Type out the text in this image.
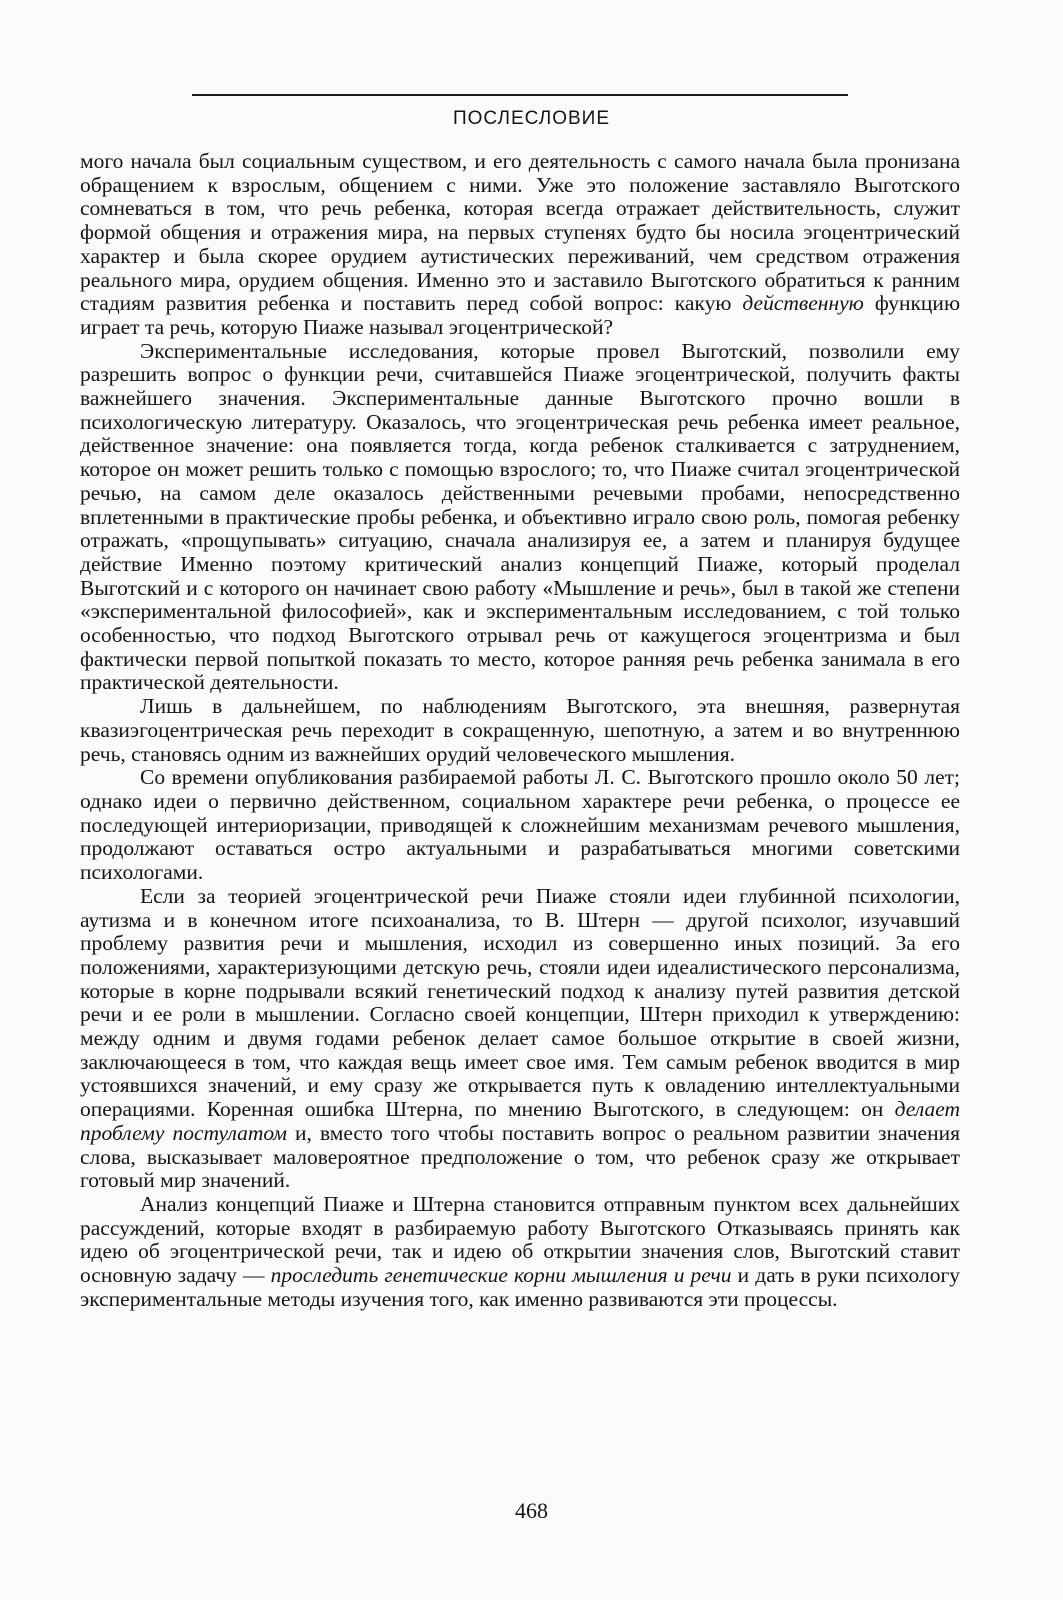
ПОСЛЕСЛОВИЕ

мого начала был социальным существом, и его деятельность с самого начала была пронизана обращением к взрослым, общением с ними. Уже это положение заставляло Выготского сомневаться в том, что речь ребенка, которая всегда отражает действительность, служит формой общения и отражения мира, на первых ступенях будто бы носила эгоцентрический характер и была скорее орудием аутистических переживаний, чем средством отражения реального мира, орудием общения. Именно это и заставило Выготского обратиться к ранним стадиям развития ребенка и поставить перед собой вопрос: какую действенную функцию играет та речь, которую Пиаже называл эгоцентрической?

Экспериментальные исследования, которые провел Выготский, позволили ему разрешить вопрос о функции речи, считавшейся Пиаже эгоцентрической, получить факты важнейшего значения. Экспериментальные данные Выготского прочно вошли в психологическую литературу. Оказалось, что эгоцентрическая речь ребенка имеет реальное, действенное значение: она появляется тогда, когда ребенок сталкивается с затруднением, которое он может решить только с помощью взрослого; то, что Пиаже считал эгоцентрической речью, на самом деле оказалось действенными речевыми пробами, непосредственно вплетенными в практические пробы ребенка, и объективно играло свою роль, помогая ребенку отражать, «прощупывать» ситуацию, сначала анализируя ее, а затем и планируя будущее действие Именно поэтому критический анализ концепций Пиаже, который проделал Выготский и с которого он начинает свою работу «Мышление и речь», был в такой же степени «экспериментальной философией», как и экспериментальным исследованием, с той только особенностью, что подход Выготского отрывал речь от кажущегося эгоцентризма и был фактически первой попыткой показать то место, которое ранняя речь ребенка занимала в его практической деятельности.

Лишь в дальнейшем, по наблюдениям Выготского, эта внешняя, развернутая квазиэгоцентрическая речь переходит в сокращенную, шепотную, а затем и во внутреннюю речь, становясь одним из важнейших орудий человеческого мышления.

Со времени опубликования разбираемой работы Л. С. Выготского прошло около 50 лет; однако идеи о первично действенном, социальном характере речи ребенка, о процессе ее последующей интериоризации, приводящей к сложнейшим механизмам речевого мышления, продолжают оставаться остро актуальными и разрабатываться многими советскими психологами.

Если за теорией эгоцентрической речи Пиаже стояли идеи глубинной психологии, аутизма и в конечном итоге психоанализа, то В. Штерн — другой психолог, изучавший проблему развития речи и мышления, исходил из совершенно иных позиций. За его положениями, характеризующими детскую речь, стояли идеи идеалистического персонализма, которые в корне подрывали всякий генетический подход к анализу путей развития детской речи и ее роли в мышлении. Согласно своей концепции, Штерн приходил к утверждению: между одним и двумя годами ребенок делает самое большое открытие в своей жизни, заключающееся в том, что каждая вещь имеет свое имя. Тем самым ребенок вводится в мир устоявшихся значений, и ему сразу же открывается путь к овладению интеллектуальными операциями. Коренная ошибка Штерна, по мнению Выготского, в следующем: он делает проблему постулатом и, вместо того чтобы поставить вопрос о реальном развитии значения слова, высказывает маловероятное предположение о том, что ребенок сразу же открывает готовый мир значений.

Анализ концепций Пиаже и Штерна становится отправным пунктом всех дальнейших рассуждений, которые входят в разбираемую работу Выготского Отказываясь принять как идею об эгоцентрической речи, так и идею об открытии значения слов, Выготский ставит основную задачу — проследить генетические корни мышления и речи и дать в руки психологу экспериментальные методы изучения того, как именно развиваются эти процессы.

468
